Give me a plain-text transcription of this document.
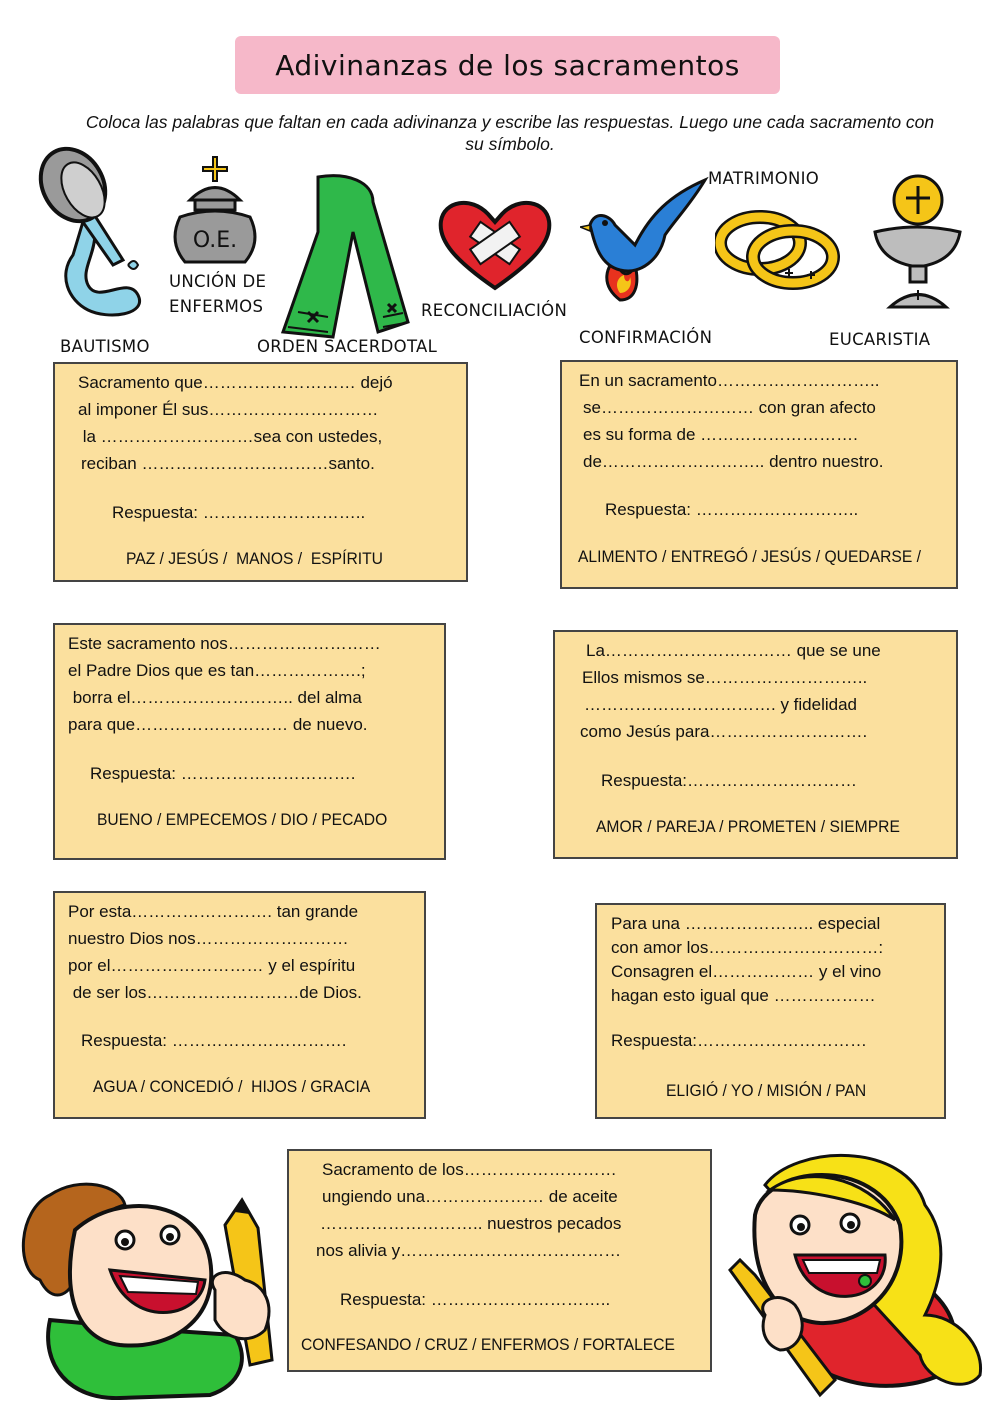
Adivinanzas de los sacramentos
Coloca las palabras que faltan en cada adivinanza y escribe las respuestas. Luego une cada sacramento con su símbolo.
O.E.
BAUTISMO
UNCIÓN DE
ENFERMOS
ORDEN SACERDOTAL
RECONCILIACIÓN
CONFIRMACIÓN
MATRIMONIO
EUCARISTIA
Sacramento que……………………… dejó
al imponer Él sus…………………………
la ………………………sea con ustedes,
reciban ……………………………santo.
Respuesta: ………………………..
PAZ / JESÚS /  MANOS /  ESPÍRITU
En un sacramento………………………..
se……………………… con gran afecto
es su forma de ……………………….
de……………………….. dentro nuestro.
Respuesta: ………………………..
ALIMENTO / ENTREGÓ / JESÚS / QUEDARSE /
Este sacramento nos………………………
el Padre Dios que es tan……………….;
borra el……………………….. del alma
para que……………………… de nuevo.
Respuesta: ………………………….
BUENO / EMPECEMOS / DIO / PECADO
La…………………………… que se une
Ellos mismos se………………………..
……………………………. y fidelidad
como Jesús para……………………….
Respuesta:…………………………
AMOR / PAREJA / PROMETEN / SIEMPRE
Por esta……………………. tan grande
nuestro Dios nos………………………
por el……………………… y el espíritu
de ser los………………………de Dios.
Respuesta: ………………………….
AGUA / CONCEDIÓ /  HIJOS / GRACIA
Para una ………………….. especial
con amor los…………………………:
Consagren el……………… y el vino
hagan esto igual que ………………
Respuesta:…………………………
ELIGIÓ / YO / MISIÓN / PAN
Sacramento de los………………………
ungiendo una………………… de aceite
……………………….. nuestros pecados
nos alivia y…………………………………
Respuesta: …………………………..
CONFESANDO / CRUZ / ENFERMOS / FORTALECE
